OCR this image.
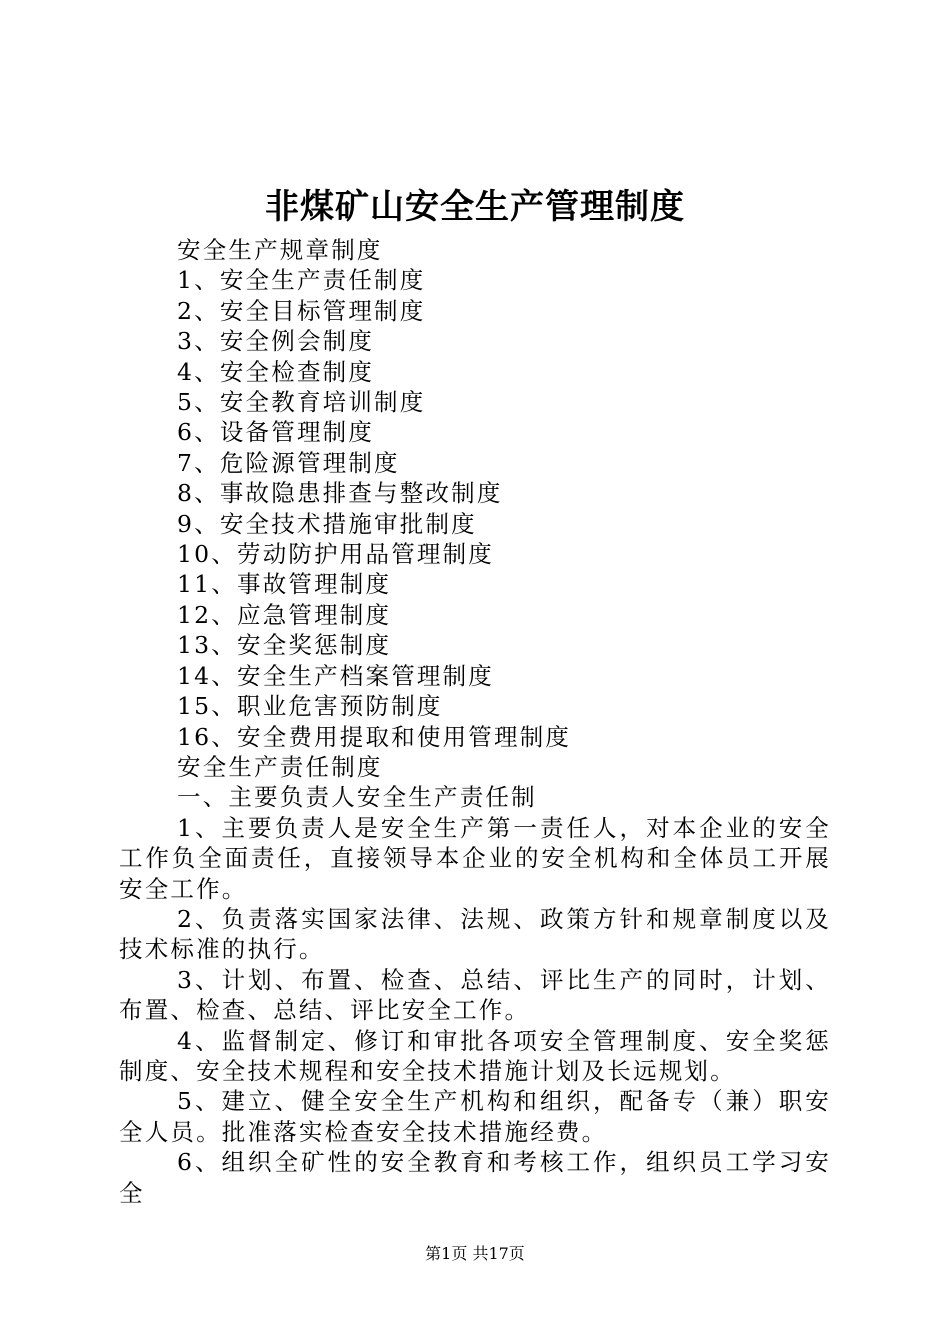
非煤矿山安全生产管理制度

安全生产规章制度

1、安全生产责任制度

2、安全目标管理制度

3、安全例会制度

4、安全检查制度

5、安全教育培训制度

6、设备管理制度

7、危险源管理制度

8、事故隐患排查与整改制度

9、安全技术措施审批制度

10、劳动防护用品管理制度

11、事故管理制度

12、应急管理制度

13、安全奖惩制度

14、安全生产档案管理制度

15、职业危害预防制度

16、安全费用提取和使用管理制度

安全生产责任制度

一、主要负责人安全生产责任制

1、主要负责人是安全生产第一责任人，对本企业的安全工作负全面责任，直接领导本企业的安全机构和全体员工开展安全工作。

2、负责落实国家法律、法规、政策方针和规章制度以及技术标准的执行。

3、计划、布置、检查、总结、评比生产的同时，计划、布置、检查、总结、评比安全工作。

4、监督制定、修订和审批各项安全管理制度、安全奖惩制度、安全技术规程和安全技术措施计划及长远规划。

5、建立、健全安全生产机构和组织，配备专（兼）职安全人员。批准落实检查安全技术措施经费。

6、组织全矿性的安全教育和考核工作，组织员工学习安全

第1页 共17页
